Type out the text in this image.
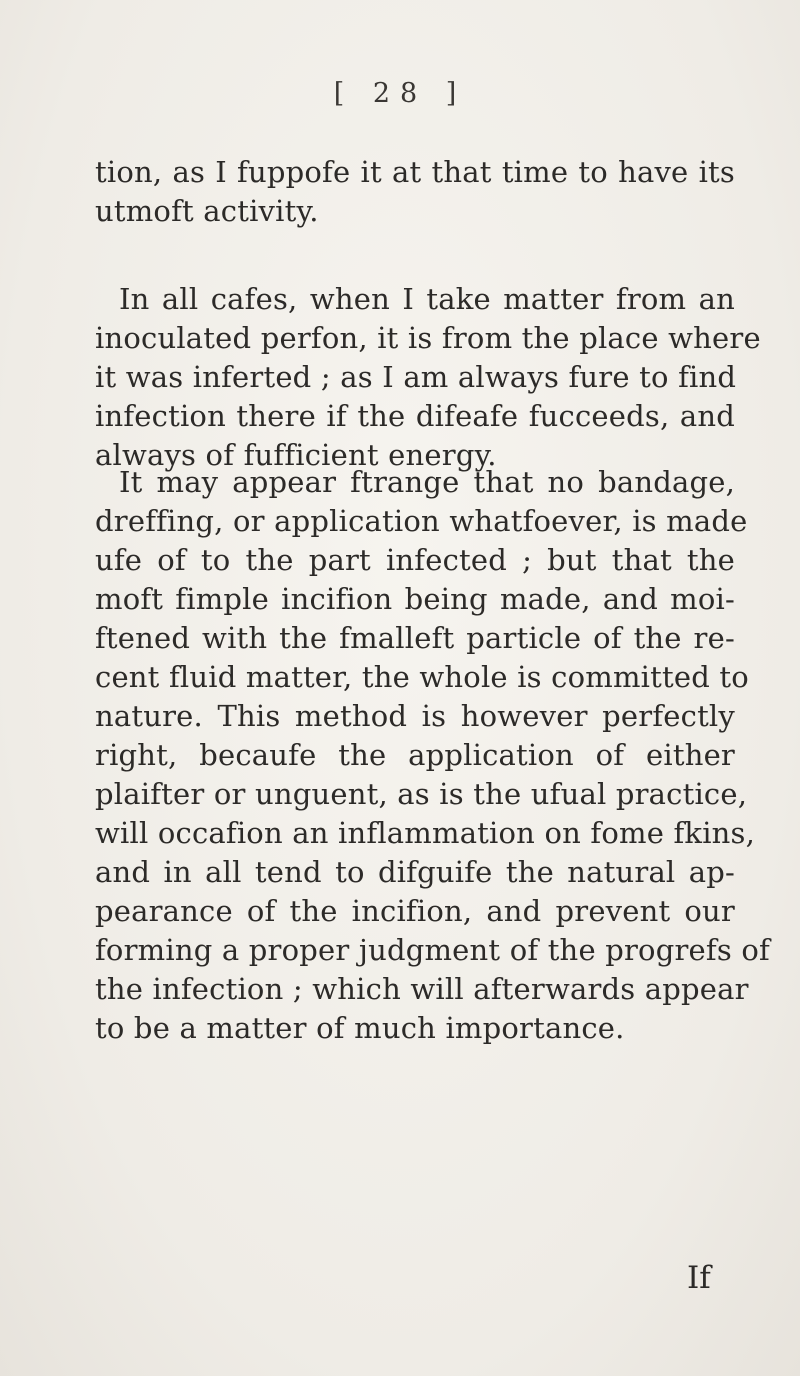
[ 28 ]
tion, as I fuppofe it at that time to have its
utmoft activity.
In all cafes, when I take matter from an
inoculated perfon, it is from the place where
it was inferted ; as I am always fure to find
infection there if the difeafe fucceeds, and
always of fufficient energy.
It may appear ftrange that no bandage,
dreffing, or application whatfoever, is made
ufe of to the part infected ; but that the
moft fimple incifion being made, and moi-
ftened with the fmalleft particle of the re-
cent fluid matter, the whole is committed to
nature. This method is however perfectly
right, becaufe the application of either
plaifter or unguent, as is the ufual practice,
will occafion an inflammation on fome fkins,
and in all tend to difguife the natural ap-
pearance of the incifion, and prevent our
forming a proper judgment of the progrefs of
the infection ; which will afterwards appear
to be a matter of much importance.
If
